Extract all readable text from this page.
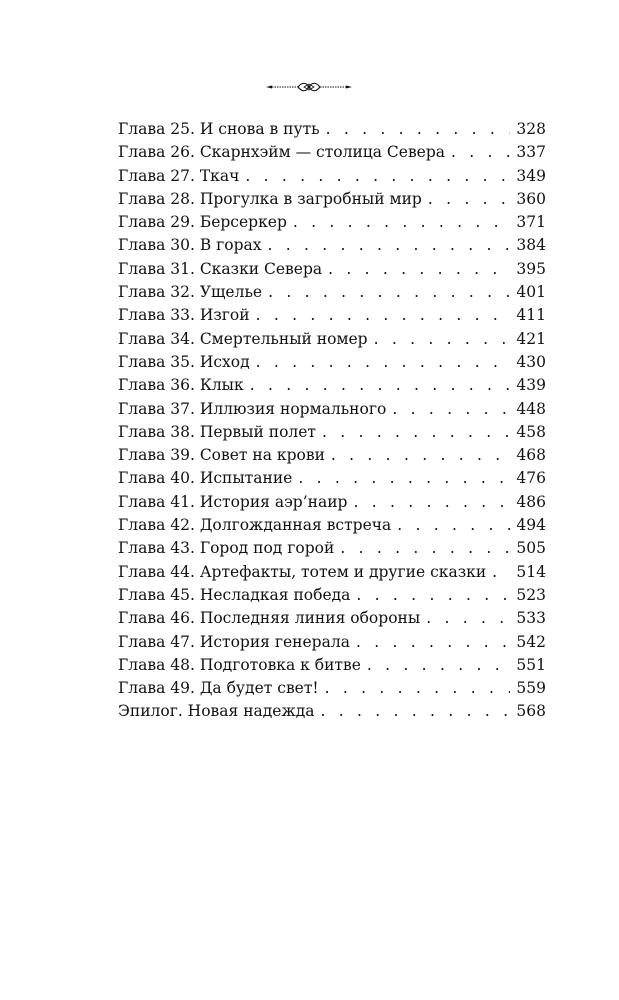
Глава 25. И снова в путь . . .	328
Глава 26. Скарнхэйм — столица Севера . . .	337
Глава 27. Ткач . . .	349
Глава 28. Прогулка в загробный мир . . .	360
Глава 29. Берсеркер . . .	371
Глава 30. В горах . . .	384
Глава 31. Сказки Севера . . .	395
Глава 32. Ущелье . . .	401
Глава 33. Изгой . . .	411
Глава 34. Смертельный номер . . .	421
Глава 35. Исход . . .	430
Глава 36. Клык . . .	439
Глава 37. Иллюзия нормального . . .	448
Глава 38. Первый полет . . .	458
Глава 39. Совет на крови . . .	468
Глава 40. Испытание . . .	476
Глава 41. История аэр’наир . . .	486
Глава 42. Долгожданная встреча . . .	494
Глава 43. Город под горой . . .	505
Глава 44. Артефакты, тотем и другие сказки . . .	514
Глава 45. Несладкая победа . . .	523
Глава 46. Последняя линия обороны . . .	533
Глава 47. История генерала . . .	542
Глава 48. Подготовка к битве . . .	551
Глава 49. Да будет свет! . . .	559
Эпилог. Новая надежда . . .	568
